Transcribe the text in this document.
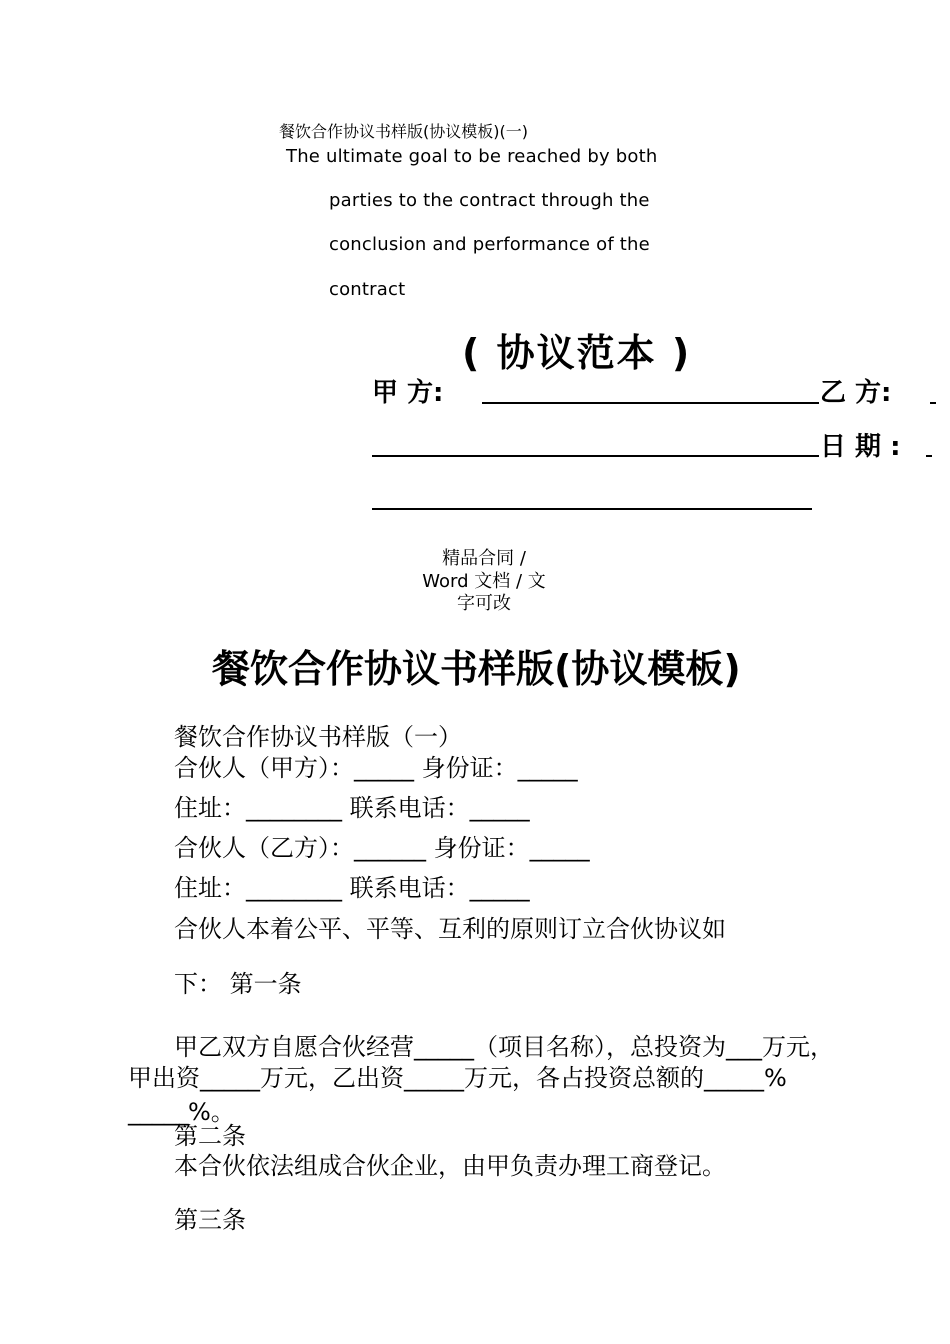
餐饮合作协议书样版(协议模板)(一)
The ultimate goal to be reached by both
parties to the contract through the
conclusion and performance of the
contract
( 协议范本 )
甲 方:	乙 方:
日 期 :
精品合同 / Word 文档 / 文字可改
餐饮合作协议书样版(协议模板)
餐饮合作协议书样版（一）
合伙人（甲方）：_____ 身份证：_____
住址：________ 联系电话：_____
合伙人（乙方）：______ 身份证：_____
住址：________ 联系电话：_____
合伙人本着公平、平等、互利的原则订立合伙协议如
下： 第一条
甲乙双方自愿合伙经营_____（项目名称），总投资为___万元，
甲出资_____万元，乙出资_____万元，各占投资总额的_____%
_____%。
第二条
本合伙依法组成合伙企业，由甲负责办理工商登记。
第三条
